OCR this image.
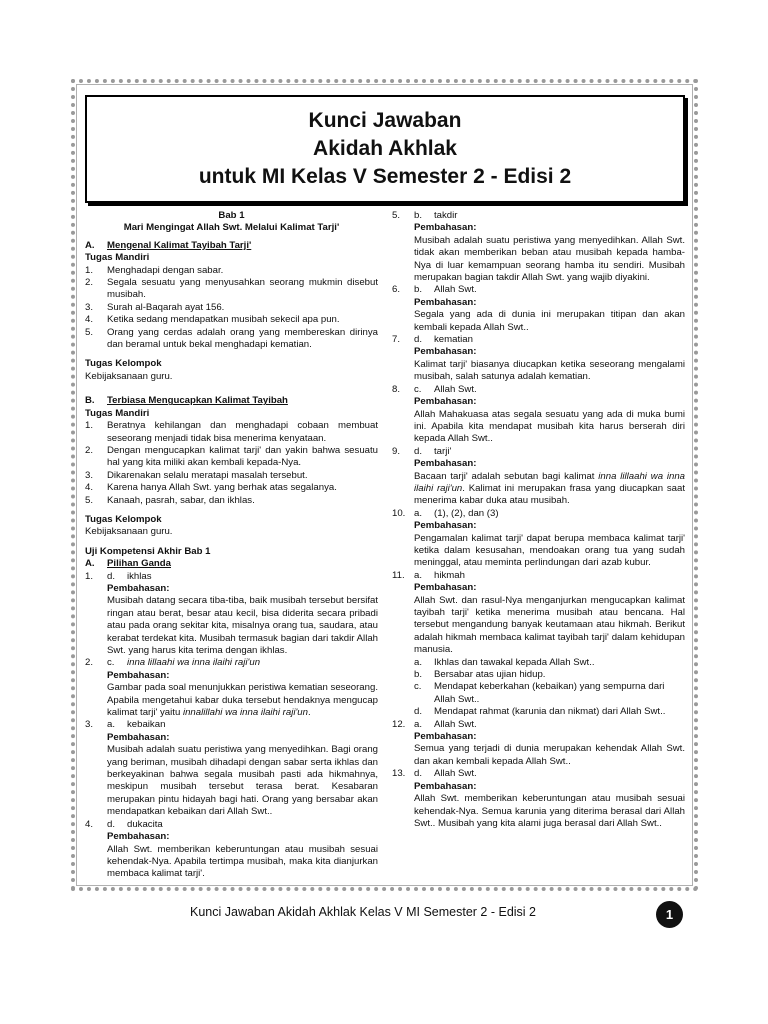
Kunci Jawaban
Akidah Akhlak
untuk MI Kelas V Semester 2 - Edisi 2
Bab 1
Mari Mengingat Allah Swt. Melalui Kalimat Tarji'
A.	Mengenal Kalimat Tayibah Tarji'
Tugas Mandiri
1.	Menghadapi dengan sabar.
2.	Segala sesuatu yang menyusahkan seorang mukmin disebut musibah.
3.	Surah al-Baqarah ayat 156.
4.	Ketika sedang mendapatkan musibah sekecil apa pun.
5.	Orang yang cerdas adalah orang yang membereskan dirinya dan beramal untuk bekal menghadapi kematian.
Tugas Kelompok
Kebijaksanaan guru.
B.	Terbiasa Mengucapkan Kalimat Tayibah
Tugas Mandiri
1.	Beratnya kehilangan dan menghadapi cobaan membuat seseorang menjadi tidak bisa menerima kenyataan.
2.	Dengan mengucapkan kalimat tarji' dan yakin bahwa sesuatu hal yang kita miliki akan kembali kepada-Nya.
3.	Dikarenakan selalu meratapi masalah tersebut.
4.	Karena hanya Allah Swt. yang berhak atas segalanya.
5.	Kanaah, pasrah, sabar, dan ikhlas.
Tugas Kelompok
Kebijaksanaan guru.
Uji Kompetensi Akhir Bab 1
A.	Pilihan Ganda
1.	d.	ikhlas
Pembahasan:
Musibah datang secara tiba-tiba, baik musibah tersebut bersifat ringan atau berat, besar atau kecil, bisa diderita secara pribadi atau pada orang sekitar kita, misalnya orang tua, saudara, atau kerabat terdekat kita. Musibah termasuk bagian dari takdir Allah Swt. yang harus kita terima dengan ikhlas.
2.	c.	inna lillaahi wa inna ilaihi raji'un
Pembahasan:
Gambar pada soal menunjukkan peristiwa kematian seseorang. Apabila mengetahui kabar duka tersebut hendaknya mengucap kalimat tarji' yaitu innalillahi wa inna ilaihi raji'un.
3.	a.	kebaikan
Pembahasan:
Musibah adalah suatu peristiwa yang menyedihkan. Bagi orang yang beriman, musibah dihadapi dengan sabar serta ikhlas dan berkeyakinan bahwa segala musibah pasti ada hikmahnya, meskipun musibah tersebut terasa berat. Kesabaran merupakan pintu hidayah bagi hati. Orang yang bersabar akan mendapatkan kebaikan dari Allah Swt..
4.	d.	dukacita
Pembahasan:
Allah Swt. memberikan keberuntungan atau musibah sesuai kehendak-Nya. Apabila tertimpa musibah, maka kita dianjurkan membaca kalimat tarji'.
5.	b.	takdir
Pembahasan:
Musibah adalah suatu peristiwa yang menyedihkan. Allah Swt. tidak akan memberikan beban atau musibah kepada hamba-Nya di luar kemampuan seorang hamba itu sendiri. Musibah merupakan bagian takdir Allah Swt. yang wajib diyakini.
6.	b.	Allah Swt.
Pembahasan:
Segala yang ada di dunia ini merupakan titipan dan akan kembali kepada Allah Swt..
7.	d.	kematian
Pembahasan:
Kalimat tarji' biasanya diucapkan ketika seseorang mengalami musibah, salah satunya adalah kematian.
8.	c.	Allah Swt.
Pembahasan:
Allah Mahakuasa atas segala sesuatu yang ada di muka bumi ini. Apabila kita mendapat musibah kita harus berserah diri kepada Allah Swt..
9.	d.	tarji'
Pembahasan:
Bacaan tarji' adalah sebutan bagi kalimat inna lillaahi wa inna ilaihi raji'un. Kalimat ini merupakan frasa yang diucapkan saat menerima kabar duka atau musibah.
10. a.	(1), (2), dan (3)
Pembahasan:
Pengamalan kalimat tarji' dapat berupa membaca kalimat tarji' ketika dalam kesusahan, mendoakan orang tua yang sudah meninggal, atau meminta perlindungan dari azab kubur.
11. a.	hikmah
Pembahasan:
Allah Swt. dan rasul-Nya menganjurkan mengucapkan kalimat tayibah tarji' ketika menerima musibah atau bencana. Hal tersebut mengandung banyak keutamaan atau hikmah. Berikut adalah hikmah membaca kalimat tayibah tarji' dalam kehidupan manusia.
a.	Ikhlas dan tawakal kepada Allah Swt..
b.	Bersabar atas ujian hidup.
c.	Mendapat keberkahan (kebaikan) yang sempurna dari Allah Swt..
d.	Mendapat rahmat (karunia dan nikmat) dari Allah Swt..
12. a.	Allah Swt.
Pembahasan:
Semua yang terjadi di dunia merupakan kehendak Allah Swt. dan akan kembali kepada Allah Swt..
13. d.	Allah Swt.
Pembahasan:
Allah Swt. memberikan keberuntungan atau musibah sesuai kehendak-Nya. Semua karunia yang diterima berasal dari Allah Swt.. Musibah yang kita alami juga berasal dari Allah Swt..
Kunci Jawaban Akidah Akhlak Kelas V MI Semester 2 - Edisi 2	1
